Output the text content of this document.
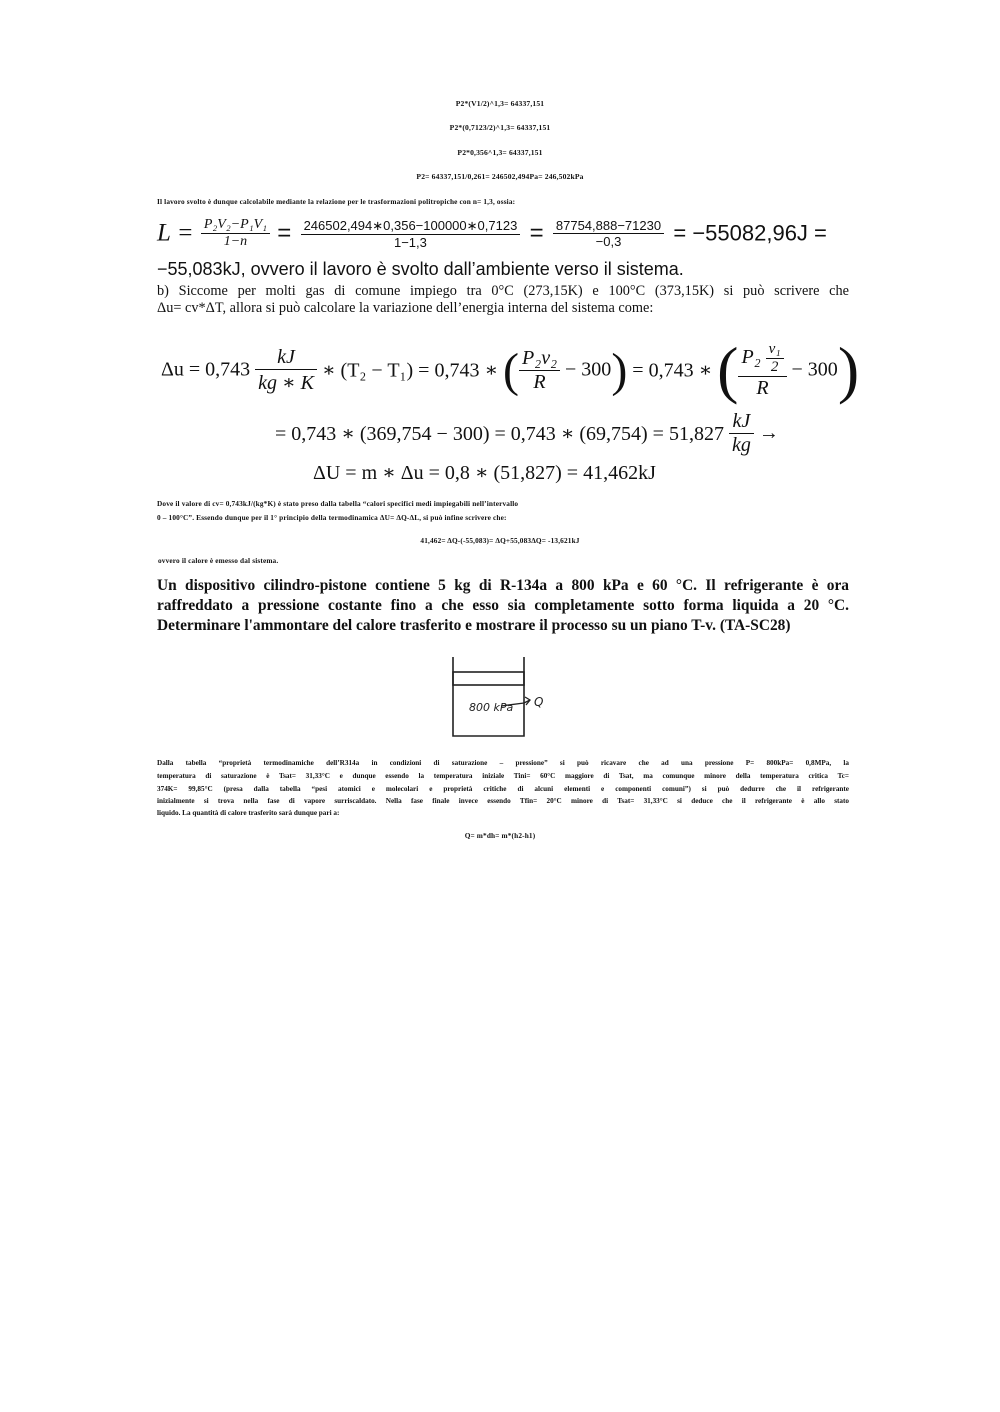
P2*(V1/2)^1,3= 64337,151
P2*(0,7123/2)^1,3= 64337,151
P2*0,356^1,3= 64337,151
P2= 64337,151/0,261= 246502,494Pa= 246,502kPa
Il lavoro svolto è dunque calcolabile mediante la relazione per le trasformazioni politropiche con n= 1,3, ossia:
$L = \frac{\text{P₂V₂−P₁V₁}}{1-n} = \frac{246502,494∗0,356-100000∗0,7123}{1-1,3} = \frac{87754,888-71230}{-0,3} = -55082,96J$ =
−55,083kJ, ovvero il lavoro è svolto dall’ambiente verso il sistema.
b) Siccome per molti gas di comune impiego tra 0°C (273,15K) e 100°C (373,15K) si può scrivere che
Δu= cv*ΔT, allora si può calcolare la variazione dell’energia interna del sistema come:
$\Delta u = 0,743 \frac{kJ}{kg ∗ K}$ ∗ (T₂ − T₁) = 0,743 ∗ ( $\frac{\text{P₂v₂}}{R} - 300) = 0,743$ ∗ ( $\frac{P_2 \frac{\text{v₁}}{2}}{R} - 300$)
= 0,743 ∗ (369,754 − 300) = 0,743 ∗ $(69,754) = 51,827 \frac{kJ}{kg}$ →
ΔU = m ∗ Δu = 0,8 ∗ (51,827) = 41,462kJ
Dove il valore di cv= 0,743kJ/(kg*K) è stato preso dalla tabella “calori specifici medi impiegabili nell’intervallo
0 – 100°C”. Essendo dunque per il 1° principio della termodinamica ΔU= ΔQ-ΔL, si può infine scrivere che:
41,462= ΔQ-(-55,083)= ΔQ+55,083ΔQ= -13,621kJ
ovvero il calore è emesso dal sistema.
Un dispositivo cilindro-pistone contiene 5 kg di R-134a a 800 kPa e 60 °C. Il refrigerante è ora
raffreddato a pressione costante fino a che esso sia completamente sotto forma liquida a 20 °C.
Determinare l'ammontare del calore trasferito e mostrare il processo su un piano T-v. (TA-SC28)
800 kPa Q
Dalla tabella “proprietà termodinamiche dell’R314a in condizioni di saturazione – pressione” si può ricavare che ad una pressione P= 800kPa= 0,8MPa, la
temperatura di saturazione è Tsat= 31,33°C e dunque essendo la temperatura iniziale Tini= 60°C maggiore di Tsat, ma comunque minore della temperatura critica Tc=
374K= 99,85°C (presa dalla tabella “pesi atomici e molecolari e proprietà critiche di alcuni elementi e componenti comuni”) si può dedurre che il refrigerante
inizialmente si trova nella fase di vapore surriscaldato. Nella fase finale invece essendo Tfin= 20°C minore di Tsat= 31,33°C si deduce che il refrigerante è allo stato
liquido. La quantità di calore trasferito sarà dunque pari a:
Q= m*dh= m*(h2-h1)
